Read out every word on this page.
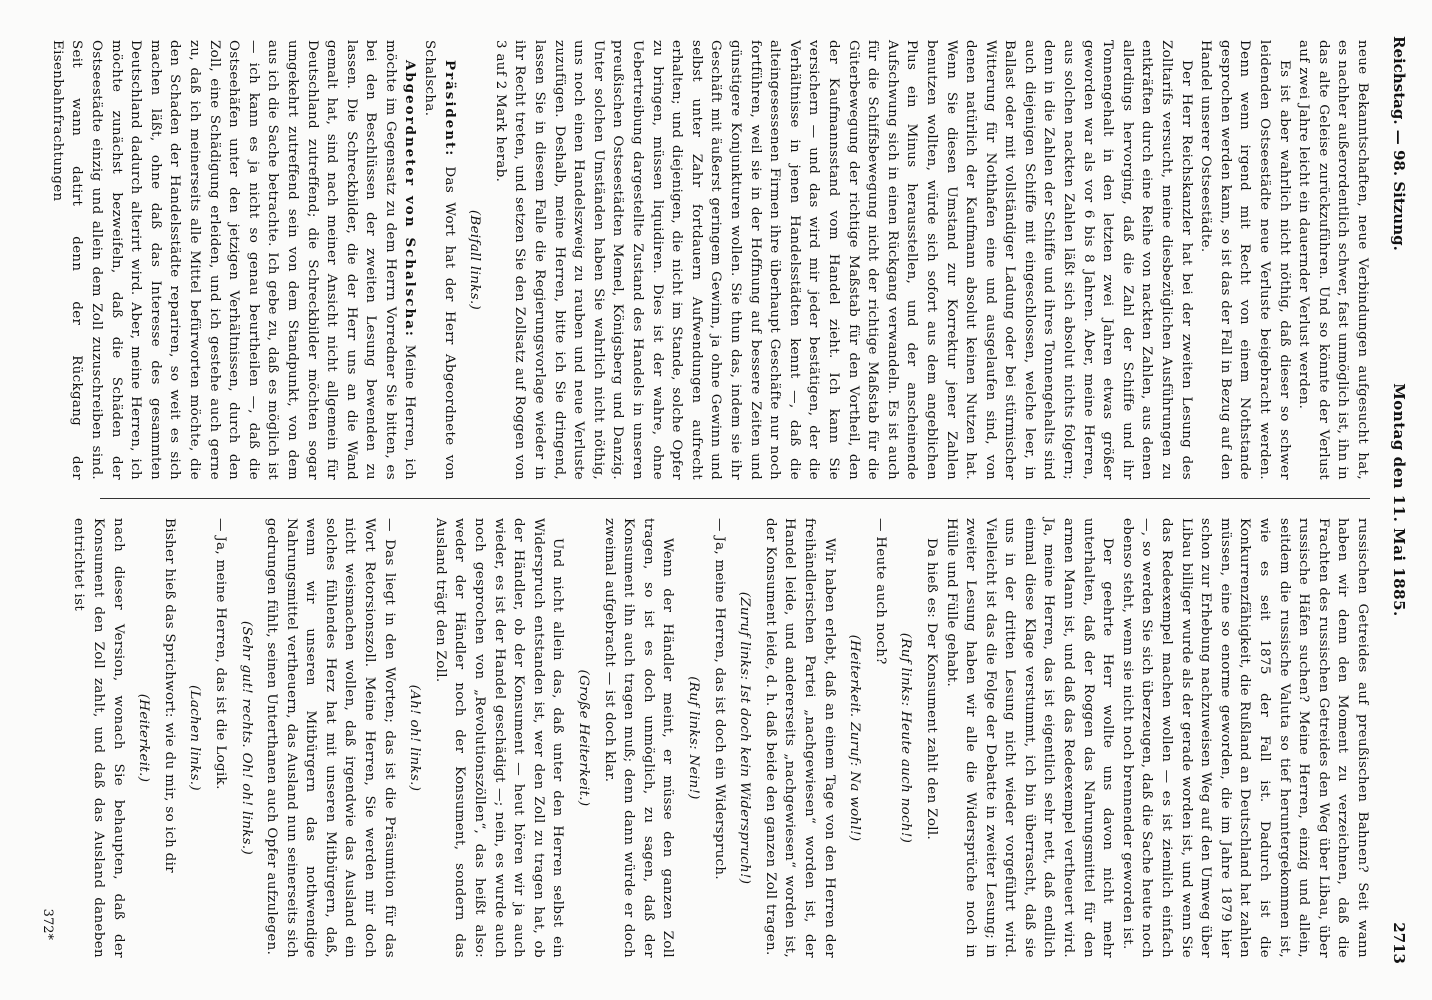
Reichstag. — 98. Sitzung.
Montag den 11. Mai 1885.
2713

neue Bekanntschaften, neue Verbindungen aufgesucht hat, es nachher außerordentlich schwer, fast unmöglich ist, ihn in das alte Geleise zurückzuführen. Und so könnte der Verlust auf zwei Jahre leicht ein dauernder Verlust werden.

Es ist aber wahrlich nicht nöthig, daß dieser so schwer leidenden Ostseestädte neue Verluste beigebracht werden. Denn wenn irgend mit Recht von einem Nothstande gesprochen werden kann, so ist das der Fall in Bezug auf den Handel unserer Ostseestädte.

Der Herr Reichskanzler hat bei der zweiten Lesung des Zolltarifs versucht, meine diesbezüglichen Ausführungen zu entkräften durch eine Reihe von nackten Zahlen, aus denen allerdings hervorging, daß die Zahl der Schiffe und ihr Tonnengehalt in den letzten zwei Jahren etwas größer geworden war als vor 6 bis 8 Jahren. Aber, meine Herren, aus solchen nackten Zahlen läßt sich absolut nichts folgern; denn in die Zahlen der Schiffe und ihres Tonnengehalts sind auch diejenigen Schiffe mit eingeschlossen, welche leer, in Ballast oder mit vollständiger Ladung oder bei stürmischer Witterung für Nothhafen eine und ausgelaufen sind, von denen natürlich der Kaufmann absolut keinen Nutzen hat. Wenn Sie diesen Umstand zur Korrektur jener Zahlen benutzen wollten, würde sich sofort aus dem angeblichen Plus ein Minus herausstellen, und der anscheinende Aufschwung sich in einen Rückgang verwandeln. Es ist auch für die Schiffsbewegung nicht der richtige Maßstab für die Güterbewegung der richtige Maßstab für den Vortheil, den der Kaufmannsstand vom Handel zieht. Ich kann Sie versichern — und das wird mir jeder bestätigen, der die Verhältnisse in jenen Handelsstädten kennt —, daß die alteingesessenen Firmen ihre überhaupt Geschäfte nur noch fortführen, weil sie in der Hoffnung auf bessere Zeiten und günstigere Konjunkturen wollen. Sie thun das, indem sie ihr Geschäft mit äußerst geringem Gewinn, ja ohne Gewinn und selbst unter Zahr fortdauern Aufwendungen aufrecht erhalten; und diejenigen, die nicht im Stande, solche Opfer zu bringen, müssen liquidiren. Dies ist der wahre, ohne Uebertreibung dargestellte Zustand des Handels in unseren preußischen Ostseestädten Memel, Königsberg und Danzig. Unter solchen Umständen haben Sie wahrlich nicht nöthig, uns noch einen Handelszweig zu rauben und neue Verluste zuzufügen. Deshalb, meine Herren, bitte ich Sie dringend, lassen Sie in diesem Falle die Regierungsvorlage wieder in ihr Recht treten, und setzen Sie den Zollsatz auf Roggen von 3 auf 2 Mark herab.

(Beifall links.)

Präsident: Das Wort hat der Herr Abgeordnete von Schalscha.

Abgeordneter von Schalscha: Meine Herren, ich möchte im Gegensatz zu dem Herrn Vorredner Sie bitten, es bei den Beschlüssen der zweiten Lesung bewenden zu lassen. Die Schreckbilder, die der Herr uns an die Wand gemalt hat, sind nach meiner Ansicht nicht allgemein für Deutschland zutreffend; die Schreckbilder möchten sogar umgekehrt zutreffend sein von dem Standpunkt, von dem aus ich die Sache betrachte. Ich gebe zu, daß es möglich ist — ich kann es ja nicht so genau beurtheilen —, daß die Ostseehäfen unter den jetzigen Verhältnissen, durch den Zoll, eine Schädigung erleiden, und ich gestehe auch gerne zu, daß ich meinerseits alle Mittel befürworten möchte, die den Schaden der Handelsstädte repariren, so weit es sich machen läßt, ohne daß das Interesse des gesammten Deutschland dadurch alterirt wird. Aber, meine Herren, ich möchte zunächst bezweifeln, daß die Schäden der Ostseestädte einzig und allein dem Zoll zuzuschreiben sind. Seit wann datirt denn der Rückgang der Eisenbahnfrachtungen

russischen Getreides auf preußischen Bahnen? Seit wann haben wir denn den Moment zu verzeichnen, daß die Frachten des russischen Getreides den Weg über Libau, über russische Häfen suchen? Meine Herren, einzig und allein, seitdem die russische Valuta so tief heruntergekommen ist, wie es seit 1875 der Fall ist. Dadurch ist die Konkurrenzfähigkeit, die Rußland an Deutschland hat zahlen müssen, eine so enorme geworden, die im Jahre 1879 hier schon zur Erhebung nachzuweisen Weg auf den Umweg über Libau billiger wurde als der gerade worden ist, und wenn Sie das Redeexempel machen wollen — es ist ziemlich einfach —, so werden Sie sich überzeugen, daß die Sache heute noch ebenso steht, wenn sie nicht noch brennender geworden ist.

Der geehrte Herr wollte uns davon nicht mehr unterhalten, daß der Roggen das Nahrungsmittel für den armen Mann ist, und daß das Redeexempel vertheuert wird. Ja, meine Herren, das ist eigentlich sehr nett, daß endlich einmal diese Klage verstummt, ich bin überrascht, daß sie uns in der dritten Lesung nicht wieder vorgeführt wird. Vielleicht ist das die Folge der Debatte in zweiter Lesung; in zweiter Lesung haben wir alle die Widersprüche noch in Hülle und Fülle gehabt.

Da hieß es: Der Konsument zahlt den Zoll.

(Ruf links: Heute auch noch!)

— Heute auch noch?

(Heiterkeit. Zuruf: Na wohl!)

Wir haben erlebt, daß an einem Tage von den Herren der freihändlerischen Partei „nachgewiesen“ worden ist, der Handel leide, und andererseits „nachgewiesen“ worden ist, der Konsument leide, d. h. daß beide den ganzen Zoll tragen.

(Zuruf links: Ist doch kein Widerspruch!)

— Ja, meine Herren, das ist doch ein Widerspruch.

(Ruf links: Nein!)

Wenn der Händler meint, er müsse den ganzen Zoll tragen, so ist es doch unmöglich, zu sagen, daß der Konsument ihn auch tragen muß; denn dann würde er doch zweimal aufgebracht — ist doch klar.

(Große Heiterkeit.)

Und nicht allein das, daß unter den Herren selbst ein Widerspruch entstanden ist, wer den Zoll zu tragen hat, ob der Händler, ob der Konsument — heut hören wir ja auch wieder, es ist der Handel geschädigt —; nein, es wurde auch noch gesprochen von „Revolutionszöllen“, das heißt also: weder der Händler noch der Konsument, sondern das Ausland trägt den Zoll.

(Ah! oh! links.)

— Das liegt in den Worten; das ist die Präsumtion für das Wort Retorsionszoll. Meine Herren, Sie werden mir doch nicht weismachen wollen, daß irgendwie das Ausland ein solches fühlendes Herz hat mit unseren Mitbürgern, daß, wenn wir unseren Mitbürgern das nothwendige Nahrungsmittel vertheuern, das Ausland nun seinerseits sich gedrungen fühlt, seinen Unterthanen auch Opfer aufzulegen.

(Sehr gut! rechts. Oh! oh! links.)

— Ja, meine Herren, das ist die Logik.

(Lachen links.)

Bisher hieß das Sprichwort: wie du mir, so ich dir

(Heiterkeit.)

nach dieser Version, wonach Sie behaupten, daß der Konsument den Zoll zahlt, und daß das Ausland daneben entrichtet ist

372*
